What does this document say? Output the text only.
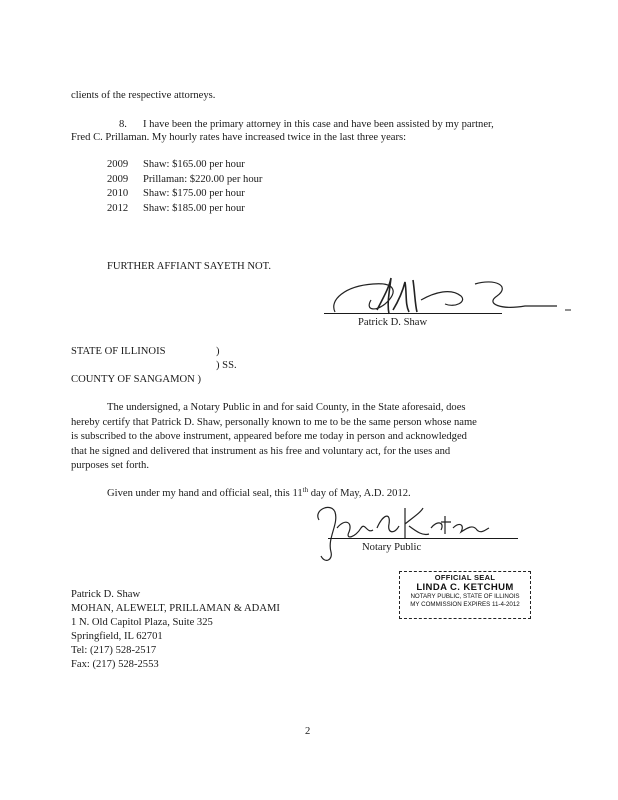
clients of the respective attorneys.
8. I have been the primary attorney in this case and have been assisted by my partner,
Fred C. Prillaman. My hourly rates have increased twice in the last three years:
2009 Shaw: $165.00 per hour
2009 Prillaman: $220.00 per hour
2010 Shaw: $175.00 per hour
2012 Shaw: $185.00 per hour
FURTHER AFFIANT SAYETH NOT.
Patrick D. Shaw
STATE OF ILLINOIS	)
) SS.
COUNTY OF SANGAMON )
The undersigned, a Notary Public in and for said County, in the State aforesaid, does
hereby certify that Patrick D. Shaw, personally known to me to be the same person whose name
is subscribed to the above instrument, appeared before me today in person and acknowledged
that he signed and delivered that instrument as his free and voluntary act, for the uses and
purposes set forth.
Given under my hand and official seal, this 11th day of May, A.D. 2012.
Notary Public
OFFICIAL SEAL
LINDA C. KETCHUM
NOTARY PUBLIC, STATE OF ILLINOIS
MY COMMISSION EXPIRES 11-4-2012
Patrick D. Shaw
MOHAN, ALEWELT, PRILLAMAN & ADAMI
1 N. Old Capitol Plaza, Suite 325
Springfield, IL 62701
Tel: (217) 528-2517
Fax: (217) 528-2553
2
